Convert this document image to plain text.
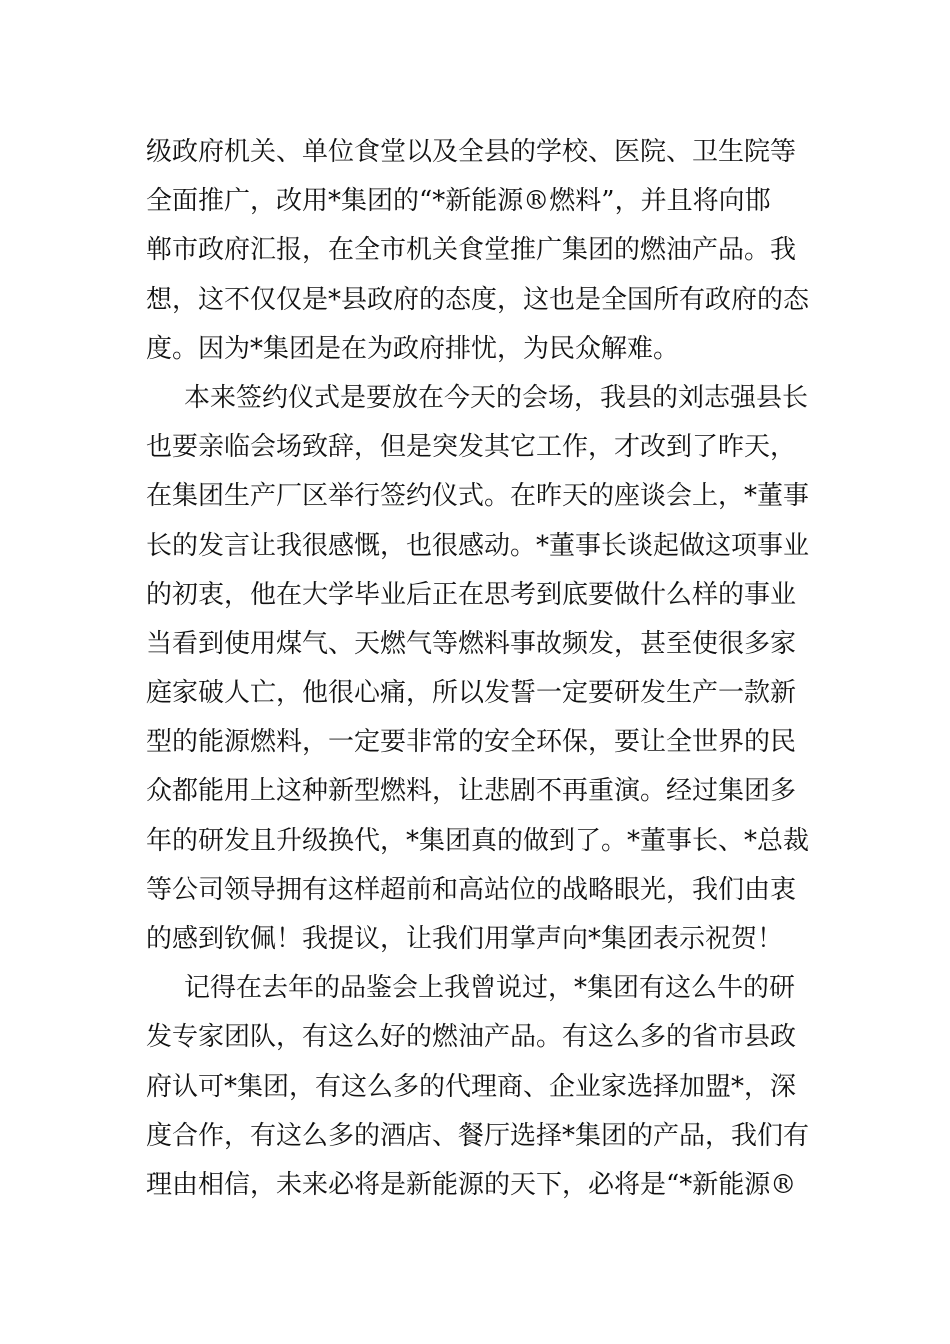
级政府机关、单位食堂以及全县的学校、医院、卫生院等
全面推广，改用*集团的“*新能源®燃料”，并且将向邯
郸市政府汇报，在全市机关食堂推广集团的燃油产品。我
想，这不仅仅是*县政府的态度，这也是全国所有政府的态
度。因为*集团是在为政府排忧，为民众解难。
本来签约仪式是要放在今天的会场，我县的刘志强县长
也要亲临会场致辞，但是突发其它工作，才改到了昨天，
在集团生产厂区举行签约仪式。在昨天的座谈会上，*董事
长的发言让我很感慨，也很感动。*董事长谈起做这项事业
的初衷，他在大学毕业后正在思考到底要做什么样的事业
当看到使用煤气、天燃气等燃料事故频发，甚至使很多家
庭家破人亡，他很心痛，所以发誓一定要研发生产一款新
型的能源燃料，一定要非常的安全环保，要让全世界的民
众都能用上这种新型燃料，让悲剧不再重演。经过集团多
年的研发且升级换代，*集团真的做到了。*董事长、*总裁
等公司领导拥有这样超前和高站位的战略眼光，我们由衷
的感到钦佩！我提议，让我们用掌声向*集团表示祝贺！
记得在去年的品鉴会上我曾说过，*集团有这么牛的研
发专家团队，有这么好的燃油产品。有这么多的省市县政
府认可*集团，有这么多的代理商、企业家选择加盟*，深
度合作，有这么多的酒店、餐厅选择*集团的产品，我们有
理由相信，未来必将是新能源的天下，必将是“*新能源®
